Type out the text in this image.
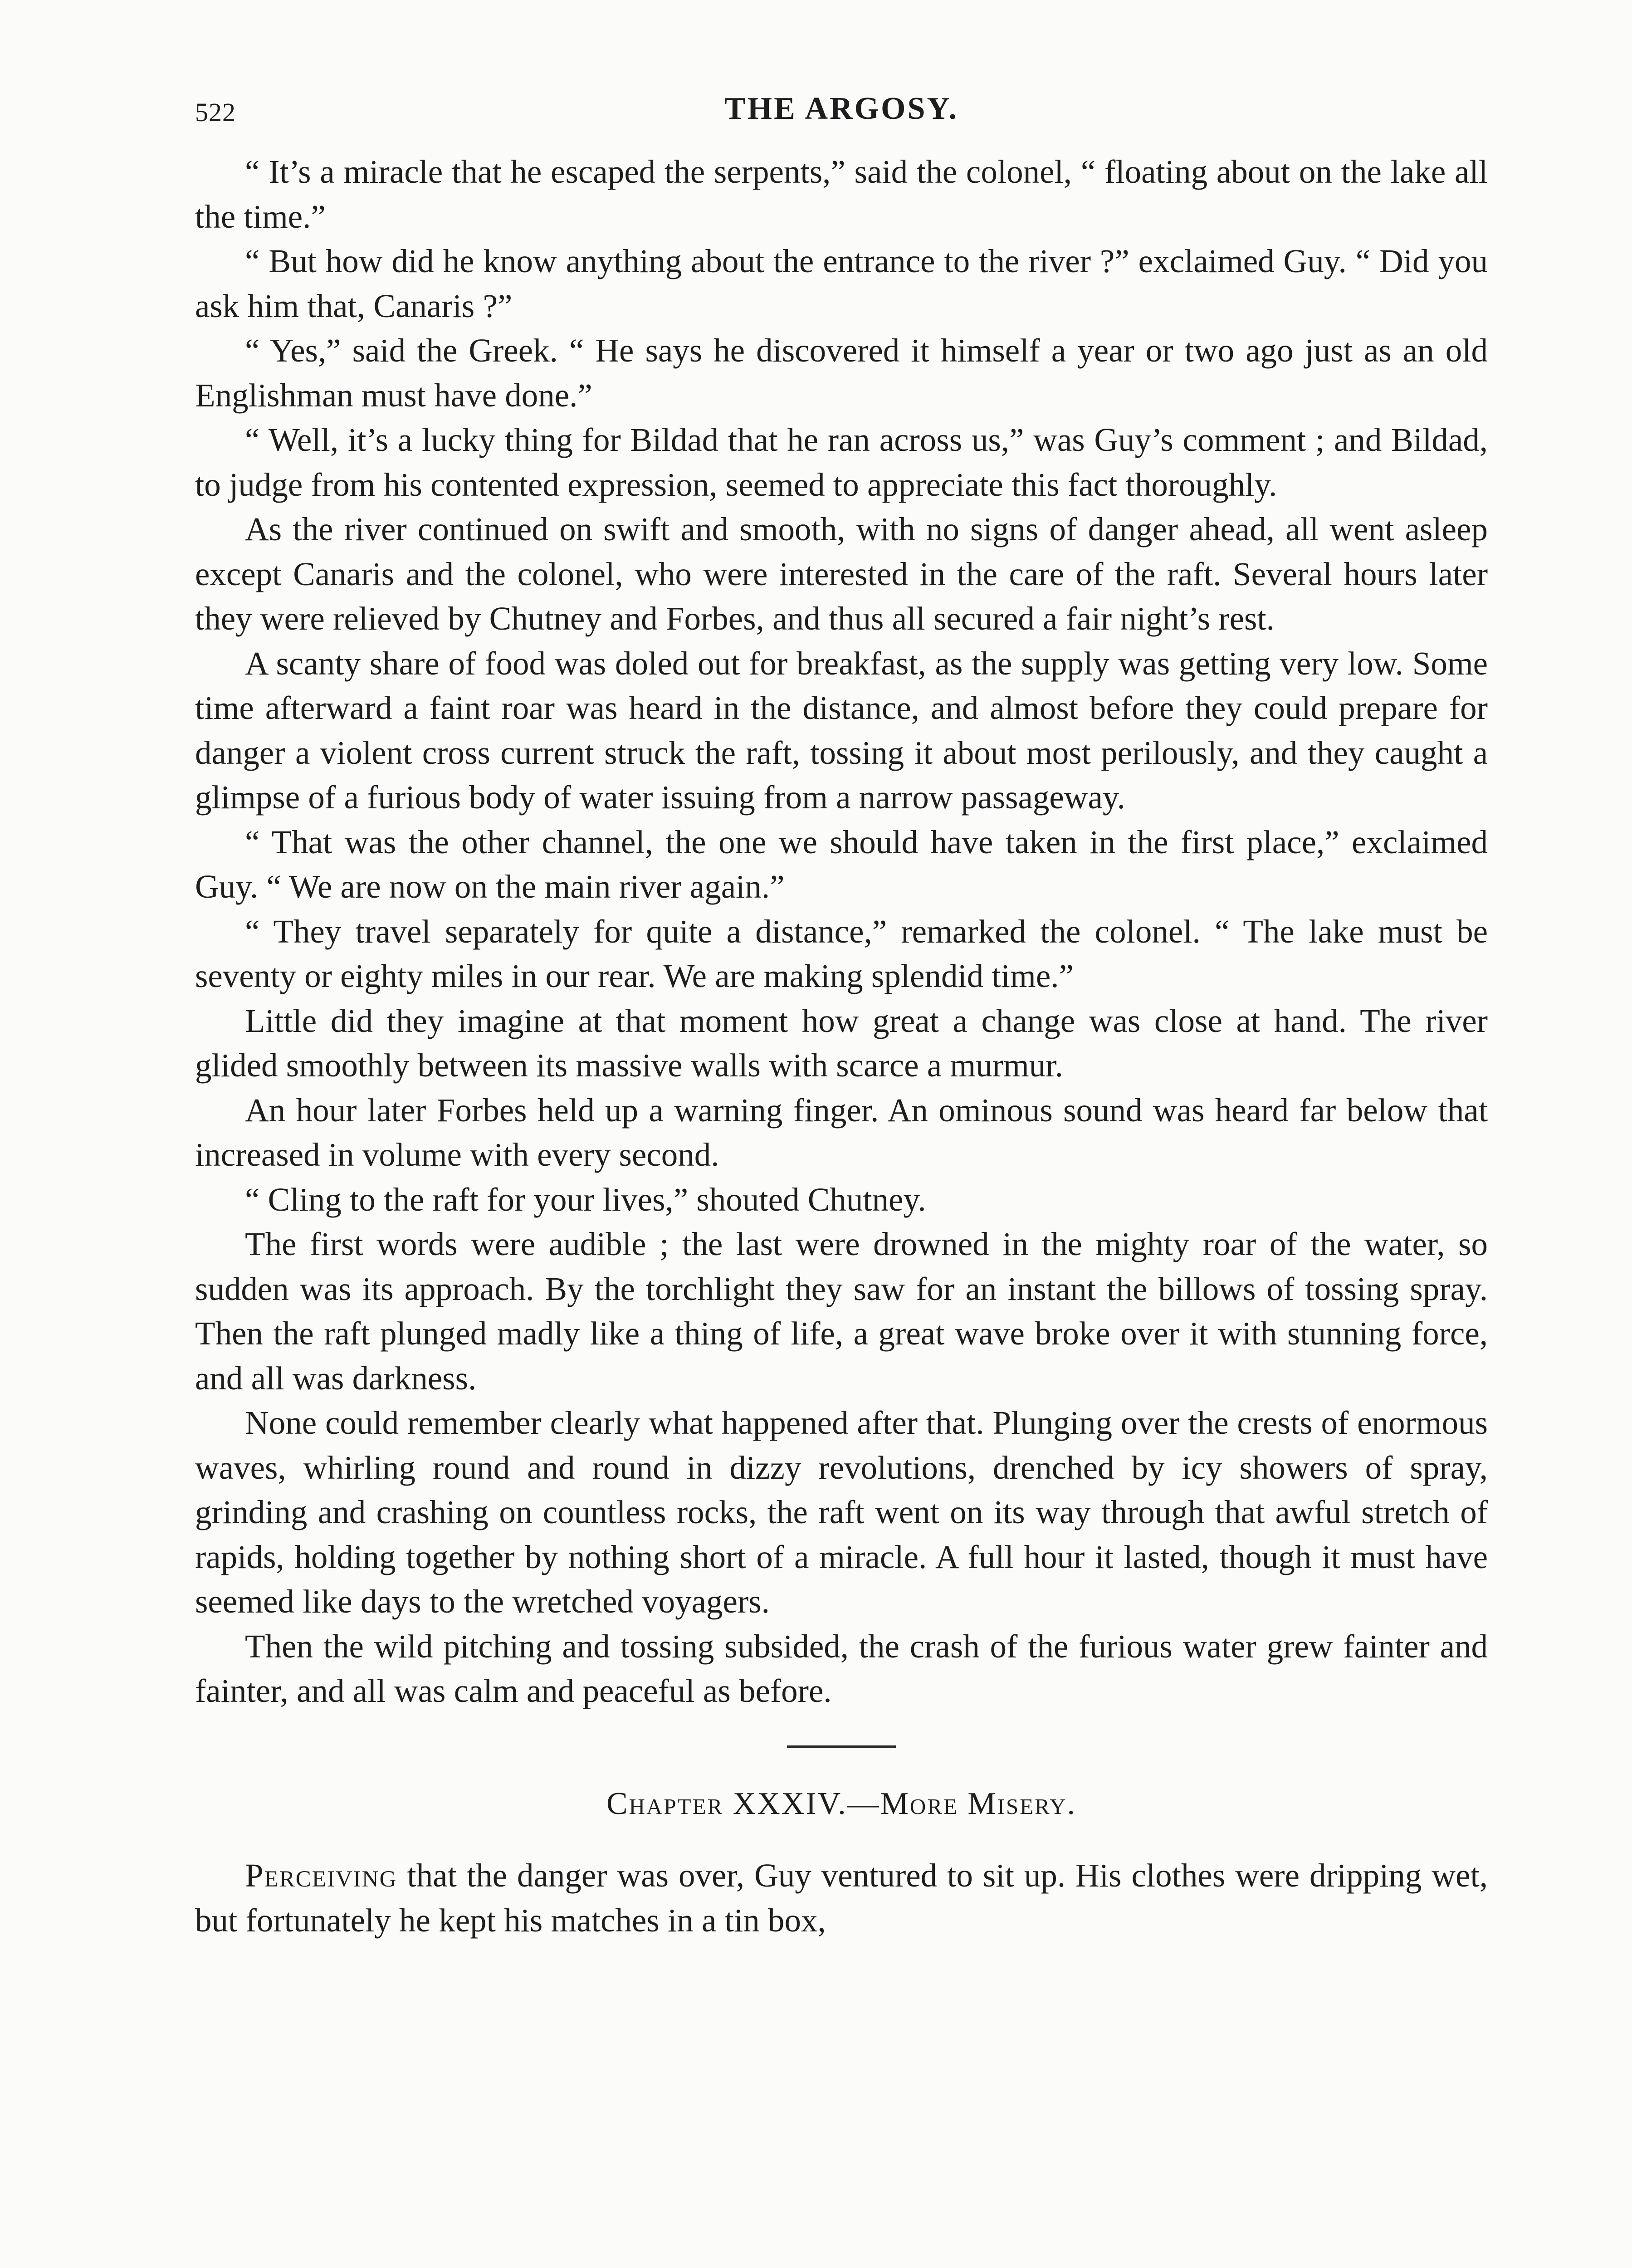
522	THE ARGOSY.

“ It’s a miracle that he escaped the serpents,” said the colonel, “ floating about on the lake all the time.”

“ But how did he know anything about the entrance to the river ?” exclaimed Guy. “ Did you ask him that, Canaris ?”

“ Yes,” said the Greek. “ He says he discovered it himself a year or two ago just as an old Englishman must have done.”

“ Well, it’s a lucky thing for Bildad that he ran across us,” was Guy’s comment ; and Bildad, to judge from his contented expression, seemed to appreciate this fact thoroughly.

As the river continued on swift and smooth, with no signs of danger ahead, all went asleep except Canaris and the colonel, who were interested in the care of the raft. Several hours later they were relieved by Chutney and Forbes, and thus all secured a fair night’s rest.

A scanty share of food was doled out for breakfast, as the supply was getting very low. Some time afterward a faint roar was heard in the distance, and almost before they could prepare for danger a violent cross current struck the raft, tossing it about most perilously, and they caught a glimpse of a furious body of water issuing from a narrow passageway.

“ That was the other channel, the one we should have taken in the first place,” exclaimed Guy. “ We are now on the main river again.”

“ They travel separately for quite a distance,” remarked the colonel. “ The lake must be seventy or eighty miles in our rear. We are making splendid time.”

Little did they imagine at that moment how great a change was close at hand. The river glided smoothly between its massive walls with scarce a murmur.

An hour later Forbes held up a warning finger. An ominous sound was heard far below that increased in volume with every second.

“ Cling to the raft for your lives,” shouted Chutney.

The first words were audible ; the last were drowned in the mighty roar of the water, so sudden was its approach. By the torchlight they saw for an instant the billows of tossing spray. Then the raft plunged madly like a thing of life, a great wave broke over it with stunning force, and all was darkness.

None could remember clearly what happened after that. Plunging over the crests of enormous waves, whirling round and round in dizzy revolutions, drenched by icy showers of spray, grinding and crashing on countless rocks, the raft went on its way through that awful stretch of rapids, holding together by nothing short of a miracle. A full hour it lasted, though it must have seemed like days to the wretched voyagers.

Then the wild pitching and tossing subsided, the crash of the furious water grew fainter and fainter, and all was calm and peaceful as before.

Chapter XXXIV.—More Misery.

Perceiving that the danger was over, Guy ventured to sit up. His clothes were dripping wet, but fortunately he kept his matches in a tin box,
